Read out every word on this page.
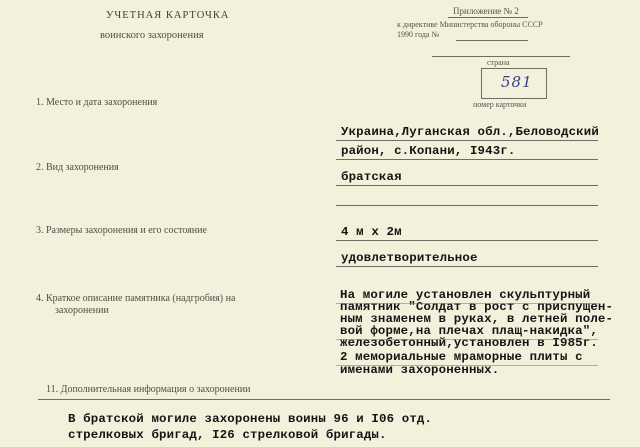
УЧЕТНАЯ КАРТОЧКА
воинского захоронения
Приложение № 2
к директиве Министерства обороны СССР
1990 года №
страна
581
номер карточки
1. Место и дата захоронения
Украина,Луганская обл.,Беловодский
район, с.Копани, I943г.
2. Вид захоронения
братская
3. Размеры захоронения и его состояние	4 м х 2м
удовлетворительное
4. Краткое описание памятника (надгробия) на
захоронении
На могиле установлен скульптурный
памятник "Солдат в рост с приспущен-
ным знаменем в руках, в летней поле-
вой форме,на плечах плащ-накидка",
железобетонный,установлен в I985г.
2 мемориальные мраморные плиты с
именами захороненных.
11. Дополнительная информация о захоронении
В братской могиле захоронены воины 96 и I06 отд.
стрелковых бригад, I26 стрелковой бригады.
